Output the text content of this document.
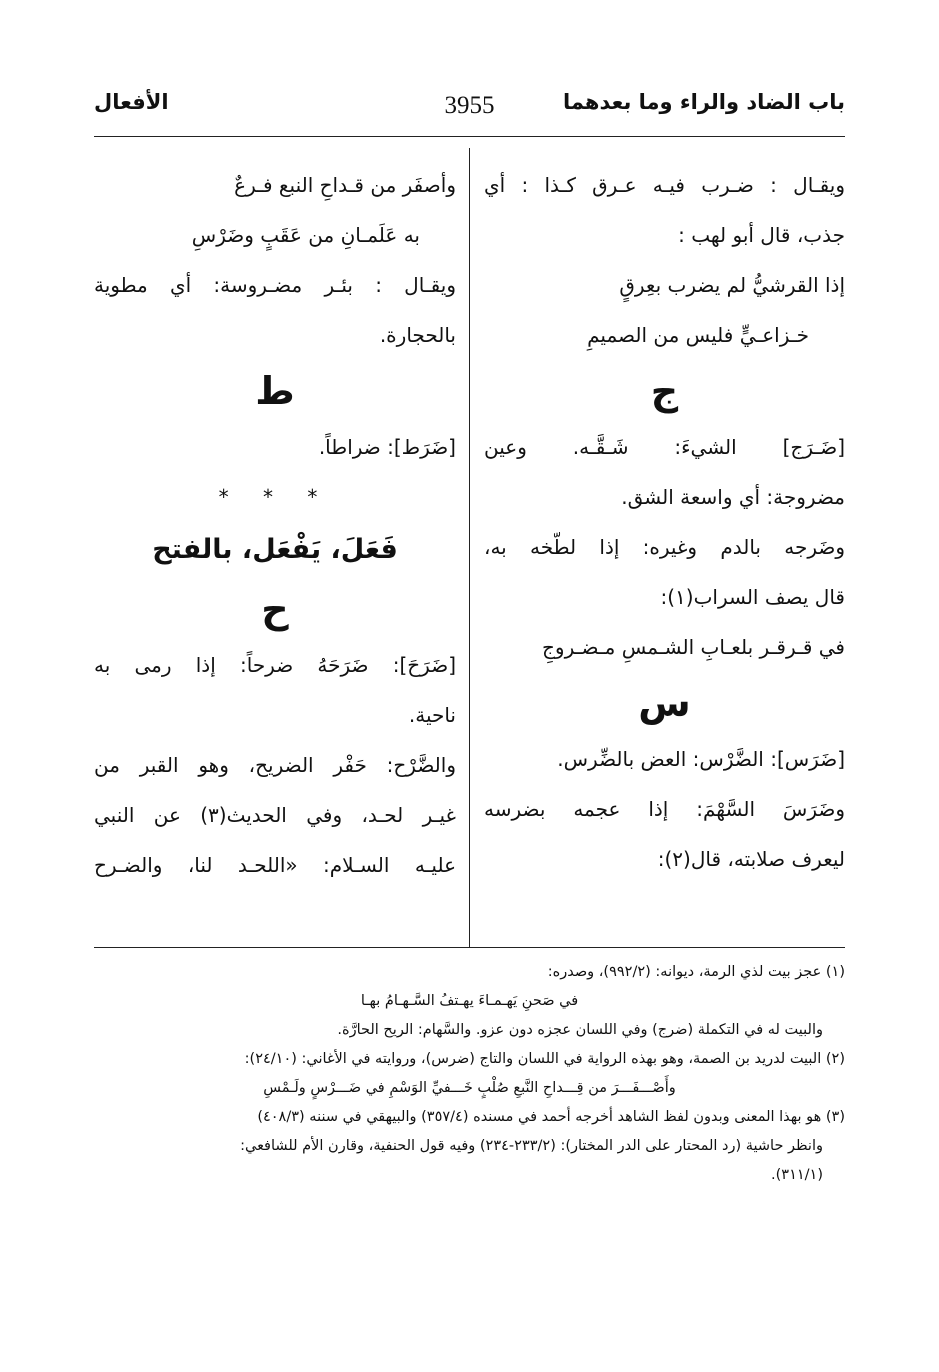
باب الضاد والراء وما بعدهما
3955
الأفعال
ويقـال : ضـرب فيـه عـرق كـذا : أي
جذب، قال أبو لهب :
إذا القرشيُّ لم يضرب بعِرقٍ
خـزاعـيٍّ فليس من الصميمِ
ج
[ضَـرَج] الشيءَ: شَـقَّـه. وعين
مضروجة: أي واسعة الشق.
وضَرجه بالدم وغيره: إذا لطّخه به،
قال يصف السراب(١):
في قـرقـر بلعـابِ الشـمسِ مـضـروجِ
س
[ضَرَس]: الضَّرْس: العض بالضِّرس.
وضَرَسَ السَّهْمَ: إذا عجمه بضرسه
ليعرف صلابته، قال(٢):
وأصفَر من قـداحِ النبع فـرعٌ
به عَلَمـانِ من عَقَبٍ وضَرْسِ
ويقـال : بئـر مضـروسة: أي مطوية
بالحجارة.
ط
[ضَرَط]: ضراطاً.
* * *
فَعَلَ، يَفْعَل، بالفتح
ح
[ضَرَحَ]: ضَرَحَهُ ضرحاً: إذا رمى به
ناحية.
والضَّرْح: حَفْر الضريح، وهو القبر من
غيـر لحـد، وفي الحديث(٣) عن النبي
عليـه السـلام: «اللحـد لنا، والضـرح
(١) عجز بيت لذي الرمة، ديوانه: (٩٩٢/٢)، وصدره:
في صَحنِ يَهـمـاءَ يهـتفُ السَّـهـامُ بهـا
والبيت له في التكملة (ضرج) وفي اللسان عجزه دون عزو. والسَّهام: الريح الحارَّة.
(٢) البيت لدريد بن الصمة، وهو بهذه الرواية في اللسان والتاج (ضرس)، وروايته في الأغاني: (٢٤/١٠):
وأَصْـــفَـــرَ من قِـــداحِ النَّبعِ صُلْبٍ خَـــفيِّ الوَسْمِ في ضَـــرْسٍ ولَـمْسِ
(٣) هو بهذا المعنى وبدون لفظ الشاهد أخرجه أحمد في مسنده (٣٥٧/٤) والبيهقي في سننه (٤٠٨/٣)
وانظر حاشية (رد المحتار على الدر المختار): (٢٣٣/٢-٢٣٤) وفيه قول الحنفية، وقارن الأم للشافعي:
(٣١١/١).
